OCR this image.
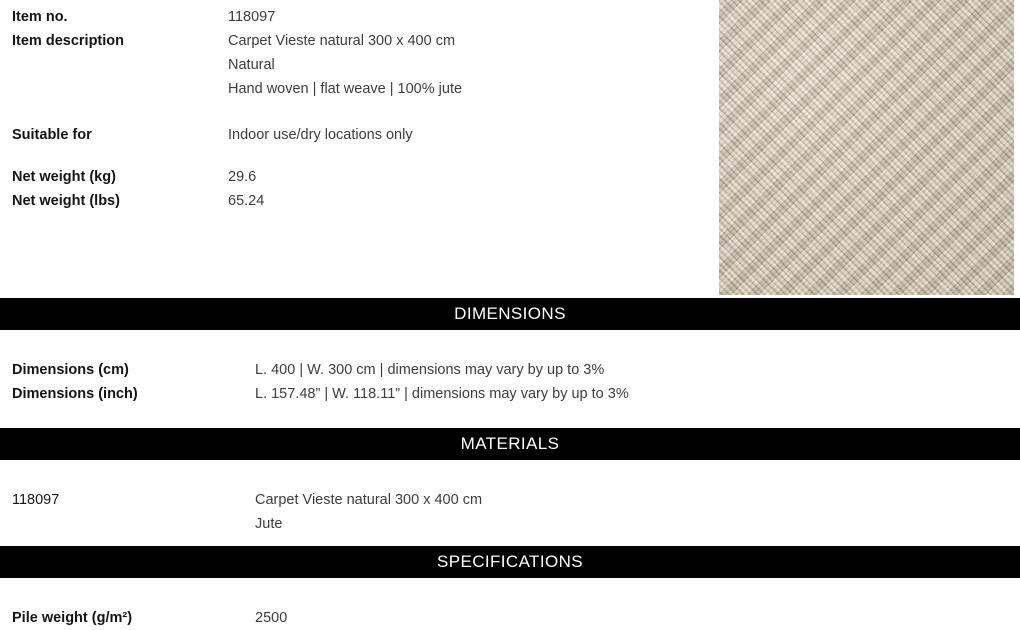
Item no.	118097
Item description	Carpet Vieste natural 300 x 400 cm
Natural
Hand woven | flat weave | 100% jute
Suitable for	Indoor use/dry locations only
Net weight (kg)	29.6
Net weight (lbs)	65.24
DIMENSIONS
Dimensions (cm)	L. 400 | W. 300 cm | dimensions may vary by up to 3%
Dimensions (inch)	L. 157.48” | W. 118.11” | dimensions may vary by up to 3%
MATERIALS
118097	Carpet Vieste natural 300 x 400 cm
Jute
SPECIFICATIONS
Pile weight (g/m²)	2500
